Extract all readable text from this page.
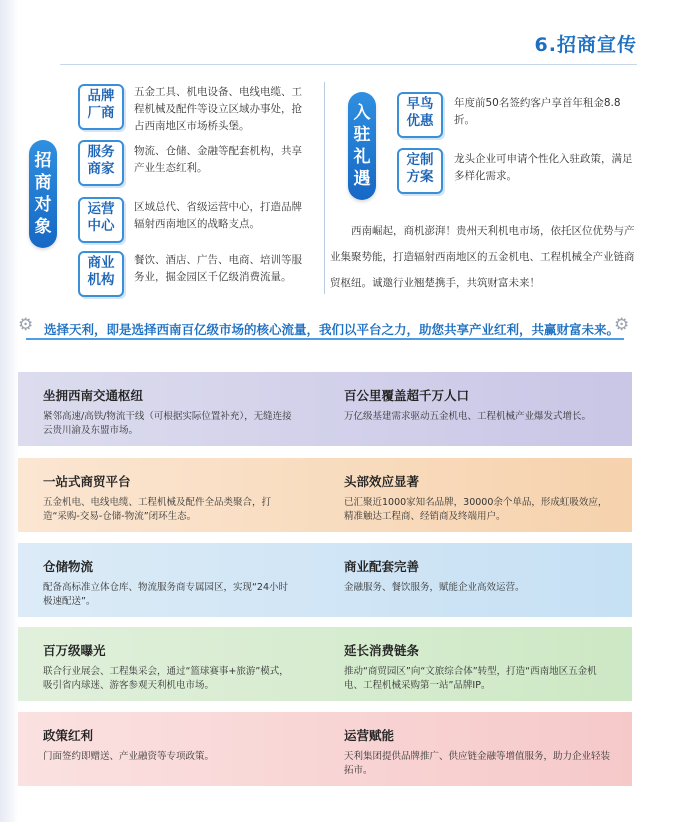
6.招商宣传
招
商
对
象
品牌
厂商
五金工具、机电设备、电线电缆、工程机械及配件等设立区域办事处，抢占西南地区市场桥头堡。
服务
商家
物流、仓储、金融等配套机构，共享产业生态红利。
运营
中心
区域总代、省级运营中心，打造品牌辐射西南地区的战略支点。
商业
机构
餐饮、酒店、广告、电商、培训等服务业，掘金园区千亿级消费流量。
入
驻
礼
遇
早鸟
优惠
年度前50名签约客户享首年租金8.8折。
定制
方案
龙头企业可申请个性化入驻政策，满足多样化需求。
西南崛起，商机澎湃！贵州天利机电市场，依托区位优势与产业集聚势能，打造辐射西南地区的五金机电、工程机械全产业链商贸枢纽。诚邀行业翘楚携手，共筑财富未来！
⚙ 选择天利，即是选择西南百亿级市场的核心流量，我们以平台之力，助您共享产业红利，共赢财富未来。
⚙
坐拥西南交通枢纽

紧邻高速/高铁/物流干线（可根据实际位置补充），无缝连接云贵川渝及东盟市场。

百公里覆盖超千万人口

万亿级基建需求驱动五金机电、工程机械产业爆发式增长。

一站式商贸平台

五金机电、电线电缆、工程机械及配件全品类聚合，打造“采购-交易-仓储-物流”闭环生态。

头部效应显著

已汇聚近1000家知名品牌，30000余个单品，形成虹吸效应，精准触达工程商、经销商及终端用户。

仓储物流

配备高标准立体仓库、物流服务商专属园区，实现“24小时极速配送”。

商业配套完善

金融服务、餐饮服务，赋能企业高效运营。

百万级曝光

联合行业展会、工程集采会，通过“篮球赛事+旅游”模式，吸引省内球迷、游客参观天利机电市场。

延长消费链条

推动“商贸园区”向“文旅综合体”转型，打造“西南地区五金机电、工程机械采购第一站”品牌IP。

政策红利

门面签约即赠送、产业融资等专项政策。

运营赋能

天利集团提供品牌推广、供应链金融等增值服务，助力企业轻装拓市。
